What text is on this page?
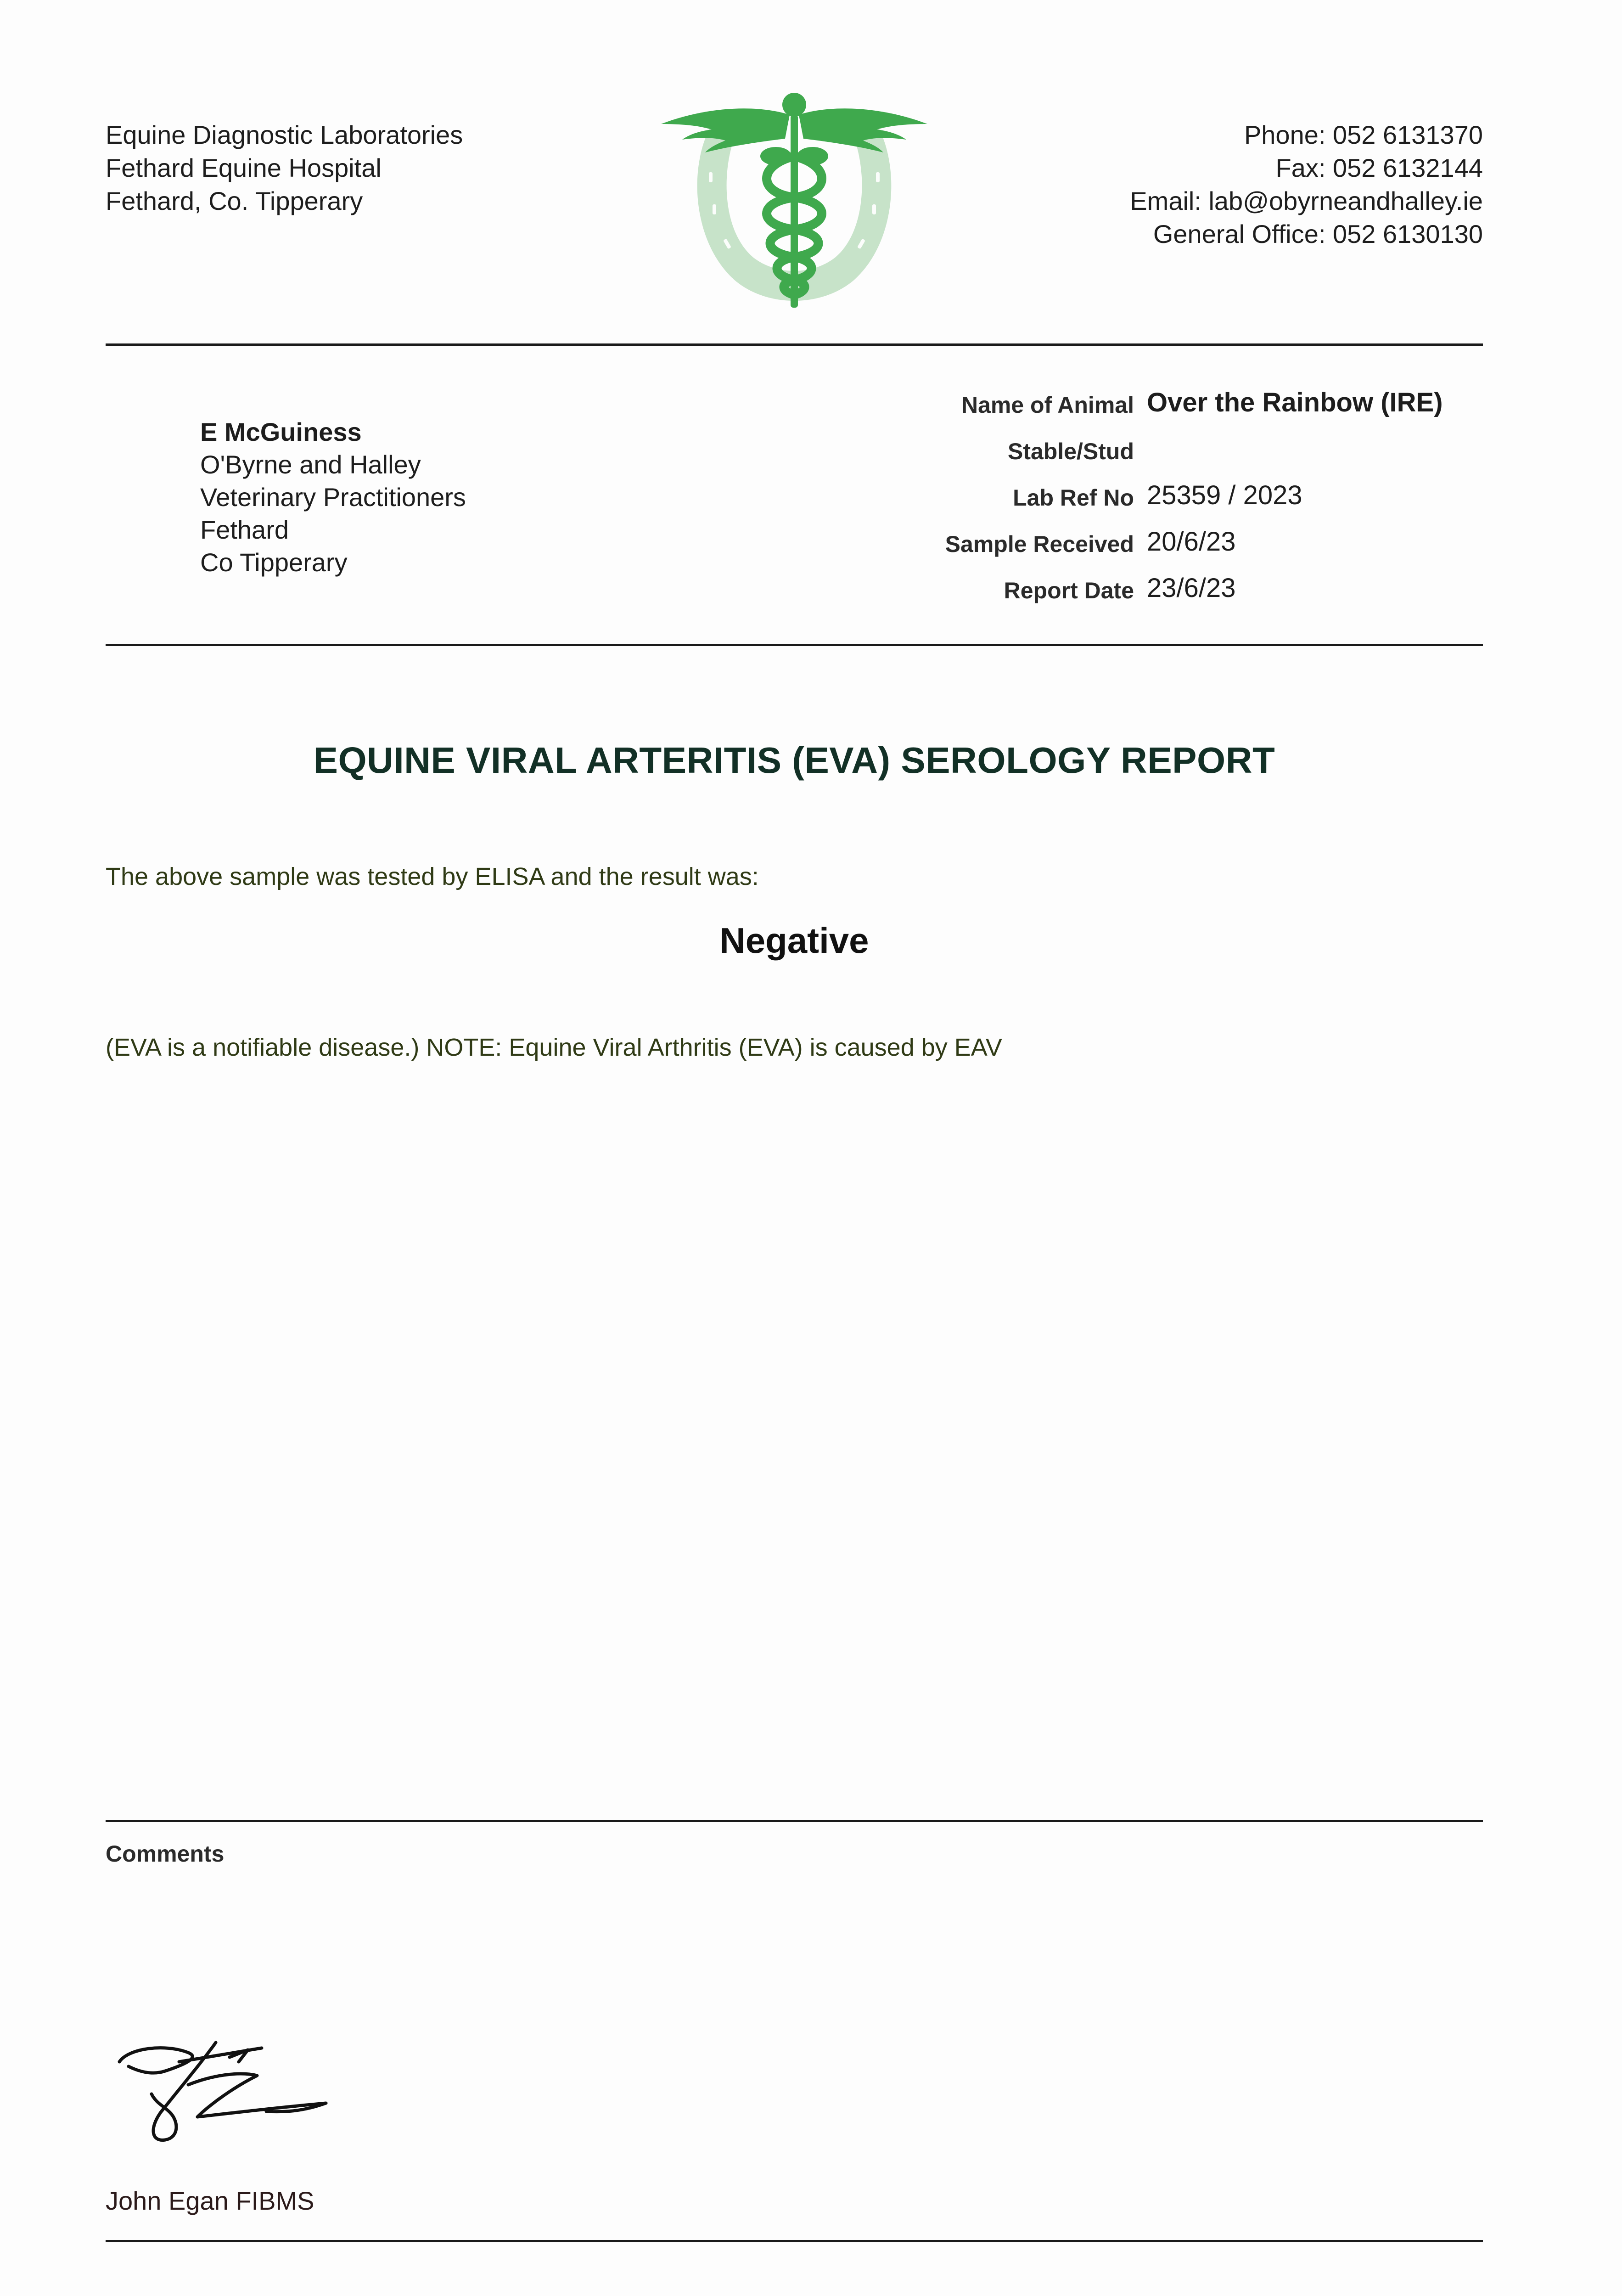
Equine Diagnostic Laboratories
Fethard Equine Hospital
Fethard, Co. Tipperary
Phone: 052 6131370
Fax: 052 6132144
Email: lab@obyrneandhalley.ie
General Office: 052 6130130
E McGuiness
O'Byrne and Halley
Veterinary Practitioners
Fethard
Co Tipperary
Name of Animal Over the Rainbow (IRE)
Stable/Stud
Lab Ref No 25359 / 2023
Sample Received 20/6/23
Report Date 23/6/23
EQUINE VIRAL ARTERITIS (EVA) SEROLOGY REPORT
The above sample was tested by ELISA and the result was:
Negative
(EVA is a notifiable disease.) NOTE: Equine Viral Arthritis (EVA) is caused by EAV
Comments
John Egan FIBMS
